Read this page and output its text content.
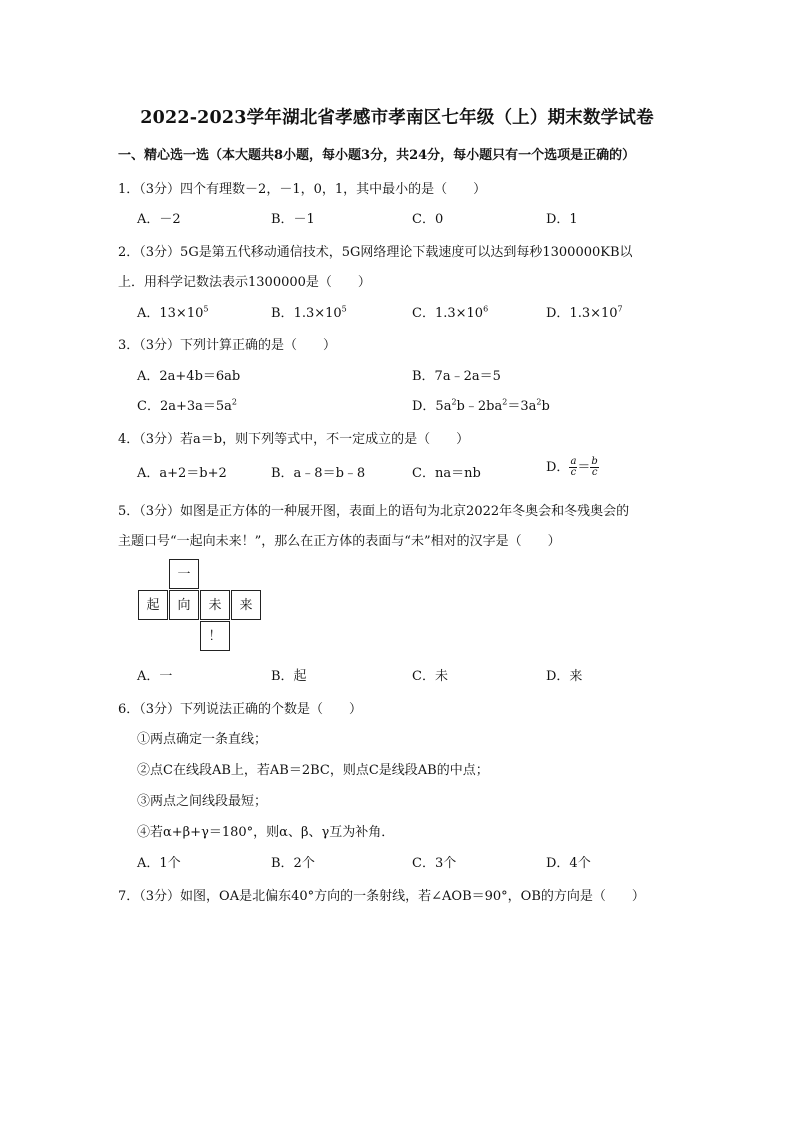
2022-2023学年湖北省孝感市孝南区七年级（上）期末数学试卷
一、精心选一选（本大题共8小题，每小题3分，共24分，每小题只有一个选项是正确的）
1．（3分）四个有理数－2，－1，0，1，其中最小的是（　　）
A．－2	B．－1	C．0	D．1
2．（3分）5G是第五代移动通信技术，5G网络理论下载速度可以达到每秒1300000KB以
上．用科学记数法表示1300000是（　　）
A．$13\times 10^5$	B．$1.3\times 10^5$	C．$1.3\times 10^6$	D．$1.3\times 10^7$
3．（3分）下列计算正确的是（　　）
A．2a+4b＝6ab	B．7a﹣2a＝5
C．$2a+3a=5a^2$	D．$5a^2b﹣2ba^2=3a^2b$
4．（3分）若a＝b，则下列等式中，不一定成立的是（　　）
A．a+2＝b+2	B．a﹣8＝b﹣8	C．na＝nb	D． $\frac{a}{c} = \frac{b}{c}$
5．（3分）如图是正方体的一种展开图，表面上的语句为北京2022年冬奥会和冬残奥会的
主题口号“一起向未来！”，那么在正方体的表面与“未”相对的汉字是（　　）
一
起	向	未	来
！
A．一	B．起	C．未	D．来
6．（3分）下列说法正确的个数是（　　）
①两点确定一条直线；
②点C在线段AB上，若AB＝2BC，则点C是线段AB的中点；
③两点之间线段最短；
④若α+β+γ＝180°，则α、β、γ互为补角．
A．1个	B．2个	C．3个	D．4个
7．（3分）如图，OA是北偏东40°方向的一条射线，若∠AOB＝90°，OB的方向是（　　）
